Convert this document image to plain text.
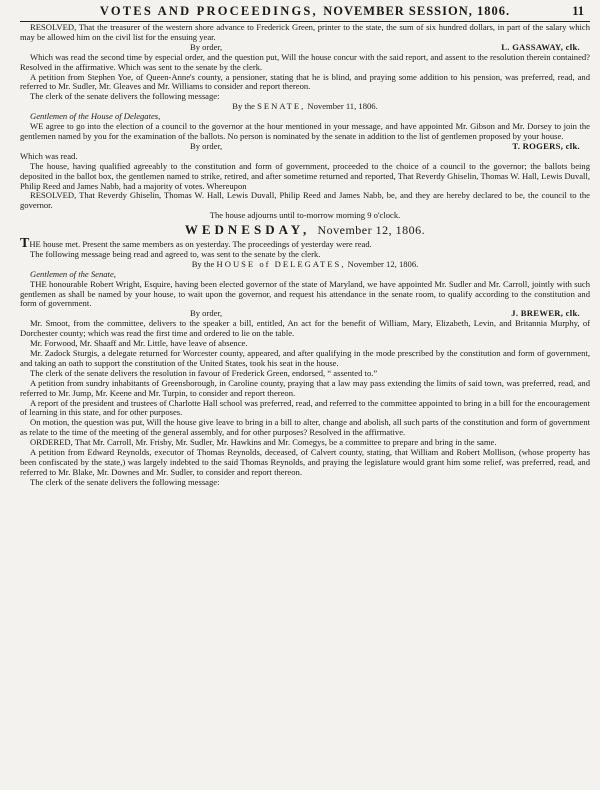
VOTES AND PROCEEDINGS, NOVEMBER SESSION, 1806.	11

RESOLVED, That the treasurer of the western shore advance to Frederick Green, printer to the state, the sum of six hundred dollars, in part of the salary which may be allowed him on the civil list for the ensuing year.

By order,	L. GASSAWAY, clk.

Which was read the second time by especial order, and the question put, Will the house concur with the said report, and assent to the resolution therein contained? Resolved in the affirmative. Which was sent to the senate by the clerk.

A petition from Stephen Yoe, of Queen-Anne's county, a pensioner, stating that he is blind, and praying some addition to his pension, was preferred, read, and referred to Mr. Sudler, Mr. Gleaves and Mr. Williams to consider and report thereon.

The clerk of the senate delivers the following message:

By the SENATE, November 11, 1806.

Gentlemen of the House of Delegates,

WE agree to go into the election of a council to the governor at the hour mentioned in your message, and have appointed Mr. Gibson and Mr. Dorsey to join the gentlemen named by you for the examination of the ballots. No person is nominated by the senate in addition to the list of gentlemen proposed by your house.

By order,	T. ROGERS, clk.

Which was read.

The house, having qualified agreeably to the constitution and form of government, proceeded to the choice of a council to the governor; the ballots being deposited in the ballot box, the gentlemen named to strike, retired, and after sometime returned and reported, That Reverdy Ghiselin, Thomas W. Hall, Lewis Duvall, Philip Reed and James Nabb, had a majority of votes. Whereupon

RESOLVED, That Reverdy Ghiselin, Thomas W. Hall, Lewis Duvall, Philip Reed and James Nabb, be, and they are hereby declared to be, the council to the governor.

The house adjourns until to-morrow morning 9 o'clock.

WEDNESDAY, November 12, 1806.

THE house met. Present the same members as on yesterday. The proceedings of yesterday were read.

The following message being read and agreed to, was sent to the senate by the clerk.

By the HOUSE of DELEGATES, November 12, 1806.

Gentlemen of the Senate,

THE honourable Robert Wright, Esquire, having been elected governor of the state of Maryland, we have appointed Mr. Sudler and Mr. Carroll, jointly with such gentlemen as shall be named by your house, to wait upon the governor, and request his attendance in the senate room, to qualify according to the constitution and form of government.

By order,	J. BREWER, clk.

Mr. Smoot, from the committee, delivers to the speaker a bill, entitled, An act for the benefit of William, Mary, Elizabeth, Levin, and Britannia Murphy, of Dorchester county; which was read the first time and ordered to lie on the table.

Mr. Forwood, Mr. Shaaff and Mr. Little, have leave of absence.

Mr. Zadock Sturgis, a delegate returned for Worcester county, appeared, and after qualifying in the mode prescribed by the constitution and form of government, and taking an oath to support the constitution of the United States, took his seat in the house.

The clerk of the senate delivers the resolution in favour of Frederick Green, endorsed, “ assented to.”

A petition from sundry inhabitants of Greensborough, in Caroline county, praying that a law may pass extending the limits of said town, was preferred, read, and referred to Mr. Jump, Mr. Keene and Mr. Turpin, to consider and report thereon.

A report of the president and trustees of Charlotte Hall school was preferred, read, and referred to the committee appointed to bring in a bill for the encouragement of learning in this state, and for other purposes.

On motion, the question was put, Will the house give leave to bring in a bill to alter, change and abolish, all such parts of the constitution and form of government as relate to the time of the meeting of the general assembly, and for other purposes? Resolved in the affirmative.

ORDERED, That Mr. Carroll, Mr. Frisby, Mr. Sudler, Mr. Hawkins and Mr. Comegys, be a committee to prepare and bring in the same.

A petition from Edward Reynolds, executor of Thomas Reynolds, deceased, of Calvert county, stating, that William and Robert Mollison, (whose property has been confiscated by the state,) was largely indebted to the said Thomas Reynolds, and praying the legislature would grant him some relief, was preferred, read, and referred to Mr. Blake, Mr. Downes and Mr. Sudler, to consider and report thereon.

The clerk of the senate delivers the following message:
